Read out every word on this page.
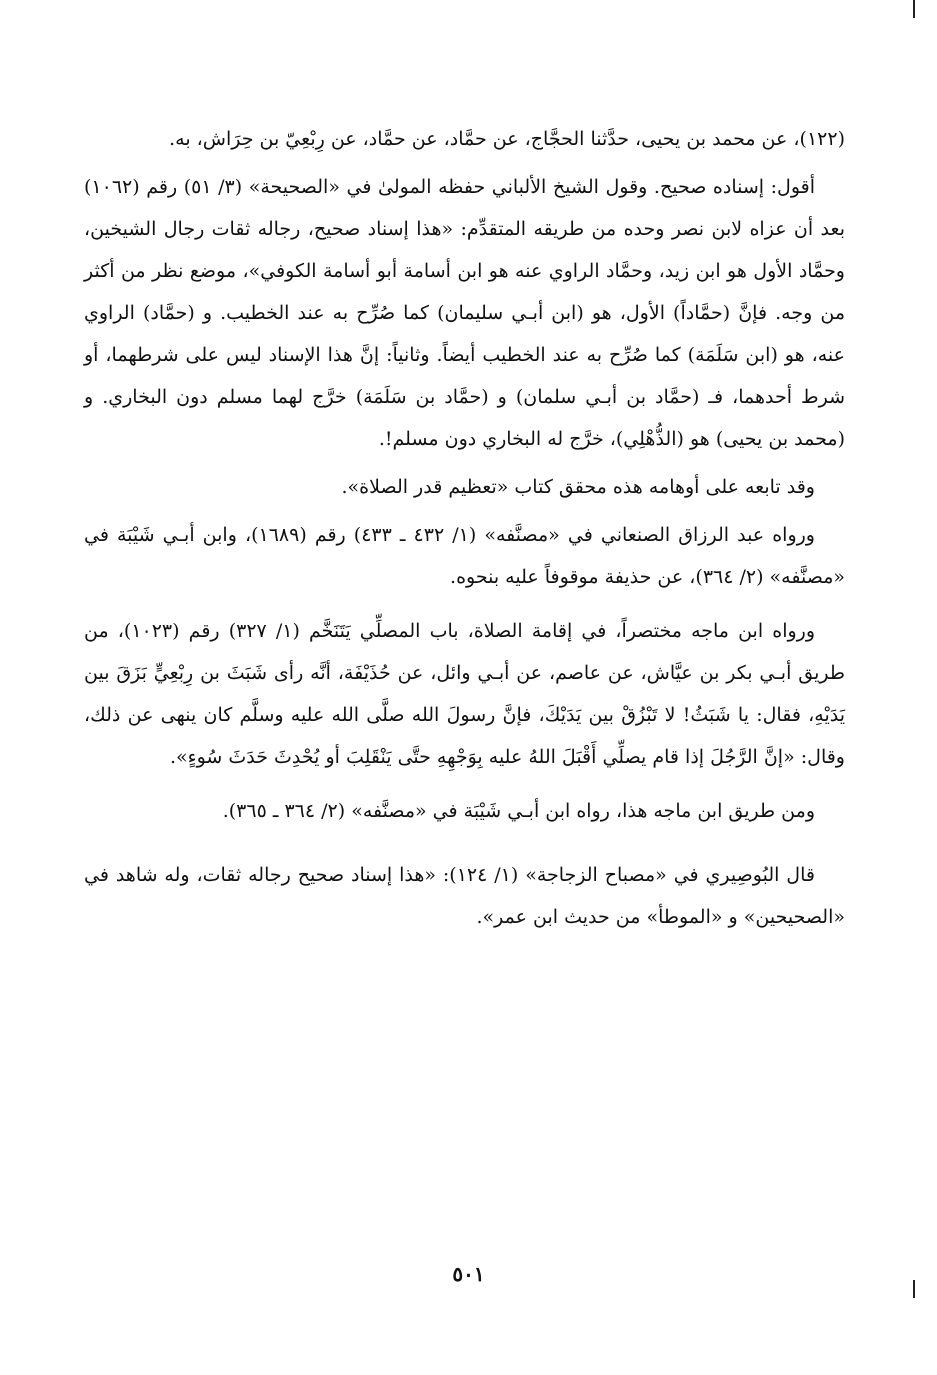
(١٢٢)، عن محمد بن يحيى، حدَّثنا الحجَّاج، عن حمَّاد، عن حمَّاد، عن رِبْعِيّ بن حِرَاش، به.

أقول: إسناده صحيح. وقول الشيخ الألباني حفظه المولىٰ في «الصحيحة» (٣/ ٥١) رقم (١٠٦٢) بعد أن عزاه لابن نصر وحده من طريقه المتقدِّم: «هذا إسناد صحيح، رجاله ثقات رجال الشيخين، وحمَّاد الأول هو ابن زيد، وحمَّاد الراوي عنه هو ابن أسامة أبو أسامة الكوفي»، موضع نظر من أكثر من وجه. فإنَّ (حمَّاداً) الأول، هو (ابن أبـي سليمان) كما صُرِّح به عند الخطيب. و (حمَّاد) الراوي عنه، هو (ابن سَلَمَة) كما صُرِّح به عند الخطيب أيضاً. وثانياً: إنَّ هذا الإسناد ليس على شرطهما، أو شرط أحدهما، فـ (حمَّاد بن أبـي سلمان) و (حمَّاد بن سَلَمَة) خرَّج لهما مسلم دون البخاري. و (محمد بن يحيى) هو (الذُّهْلِي)، خرَّج له البخاري دون مسلم!.

وقد تابعه على أوهامه هذه محقق كتاب «تعظيم قدر الصلاة».

ورواه عبد الرزاق الصنعاني في «مصنَّفه» (١/ ٤٣٢ ـ ٤٣٣) رقم (١٦٨٩)، وابن أبـي شَيْبَة في «مصنَّفه» (٢/ ٣٦٤)، عن حذيفة موقوفاً عليه بنحوه.

ورواه ابن ماجه مختصراً، في إقامة الصلاة، باب المصلِّي يَتَنَخَّم (١/ ٣٢٧) رقم (١٠٢٣)، من طريق أبـي بكر بن عيَّاش، عن عاصم، عن أبـي وائل، عن حُذَيْفَة، أنَّه رأى شَبَثَ بن رِبْعِيٍّ بَزَقَ بين يَدَيْهِ، فقال: يا شَبَثُ! لا تَبْزُقْ بين يَدَيْكَ، فإنَّ رسولَ الله صلَّى الله عليه وسلَّم كان ينهى عن ذلك، وقال: «إنَّ الرَّجُلَ إذا قام يصلِّي أَقْبَلَ اللهُ عليه بِوَجْهِهِ حتَّى يَنْقَلِبَ أو يُحْدِثَ حَدَثَ سُوءٍ».

ومن طريق ابن ماجه هذا، رواه ابن أبـي شَيْبَة في «مصنَّفه» (٢/ ٣٦٤ ـ ٣٦٥).

قال البُوصِيري في «مصباح الزجاجة» (١/ ١٢٤): «هذا إسناد صحيح رجاله ثقات، وله شاهد في «الصحيحين» و «الموطأ» من حديث ابن عمر».

٥٠١
